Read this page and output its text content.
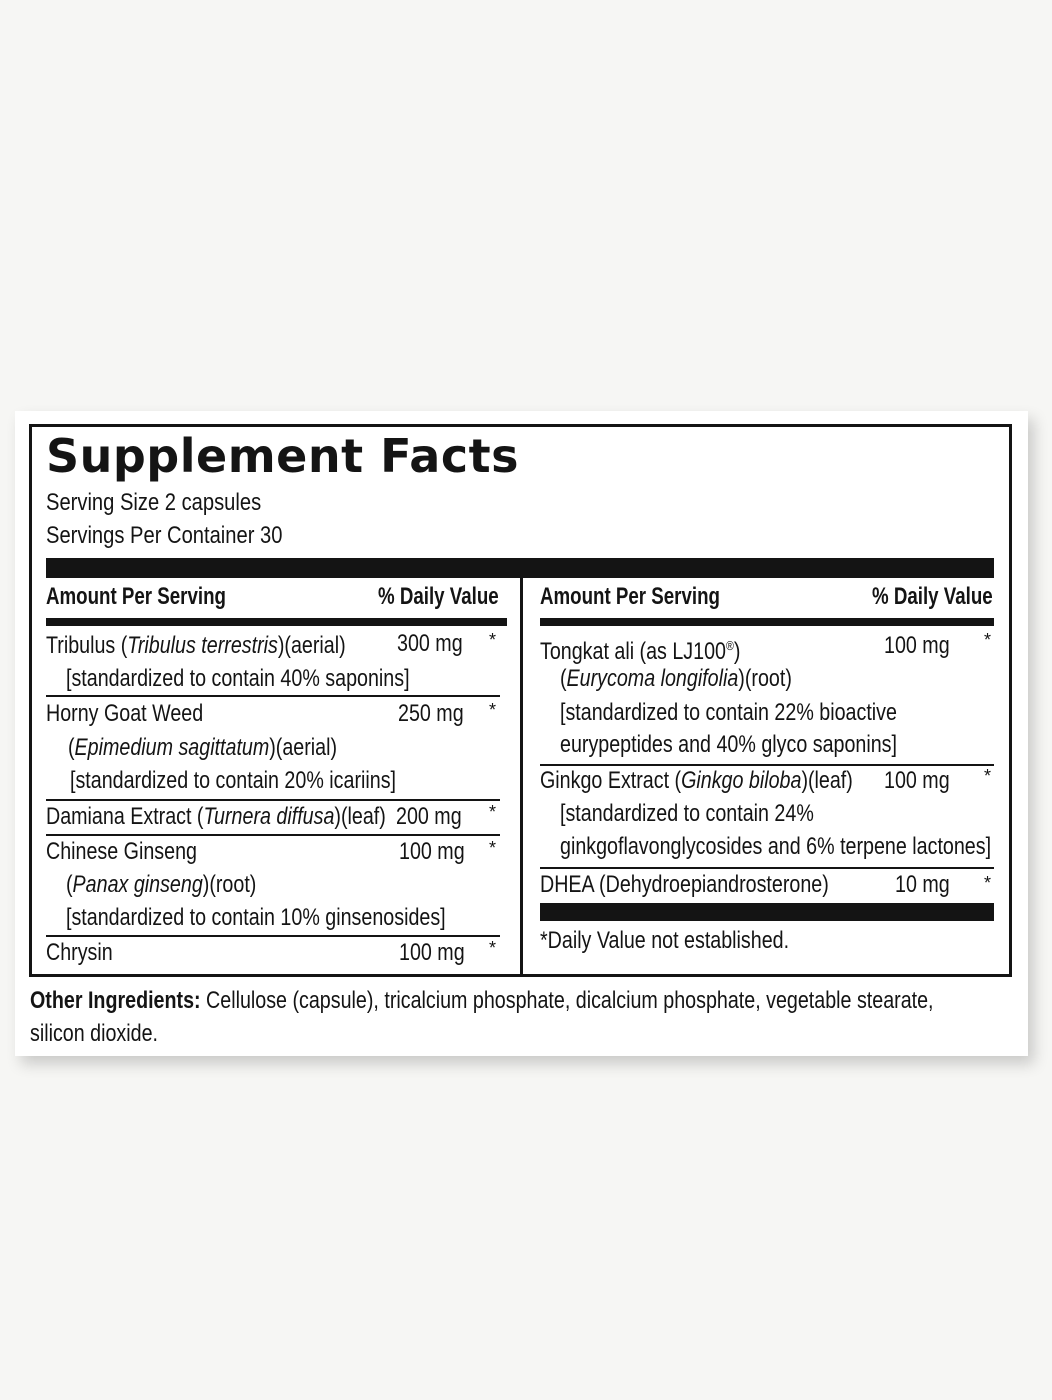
Supplement Facts
Serving Size 2 capsules
Servings Per Container 30
Amount Per Serving	% Daily Value Amount Per Serving	% Daily Value
Tribulus (Tribulus terrestris)(aerial) 300 mg *
[standardized to contain 40% saponins]
Horny Goat Weed	250 mg *
(Epimedium sagittatum)(aerial)
[standardized to contain 20% icariins]
Damiana Extract (Turnera diffusa)(leaf) 200 mg *
Chinese Ginseng	100 mg *
(Panax ginseng)(root)
[standardized to contain 10% ginsenosides]
Chrysin	100 mg *
Tongkat ali (as LJ100®)	100 mg *
(Eurycoma longifolia)(root)
[standardized to contain 22% bioactive
eurypeptides and 40% glyco saponins]
Ginkgo Extract (Ginkgo biloba)(leaf) 100 mg *
[standardized to contain 24%
ginkgoflavonglycosides and 6% terpene lactones]
DHEA (Dehydroepiandrosterone)	10 mg *
*Daily Value not established.
Other Ingredients: Cellulose (capsule), tricalcium phosphate, dicalcium phosphate, vegetable stearate,
silicon dioxide.
